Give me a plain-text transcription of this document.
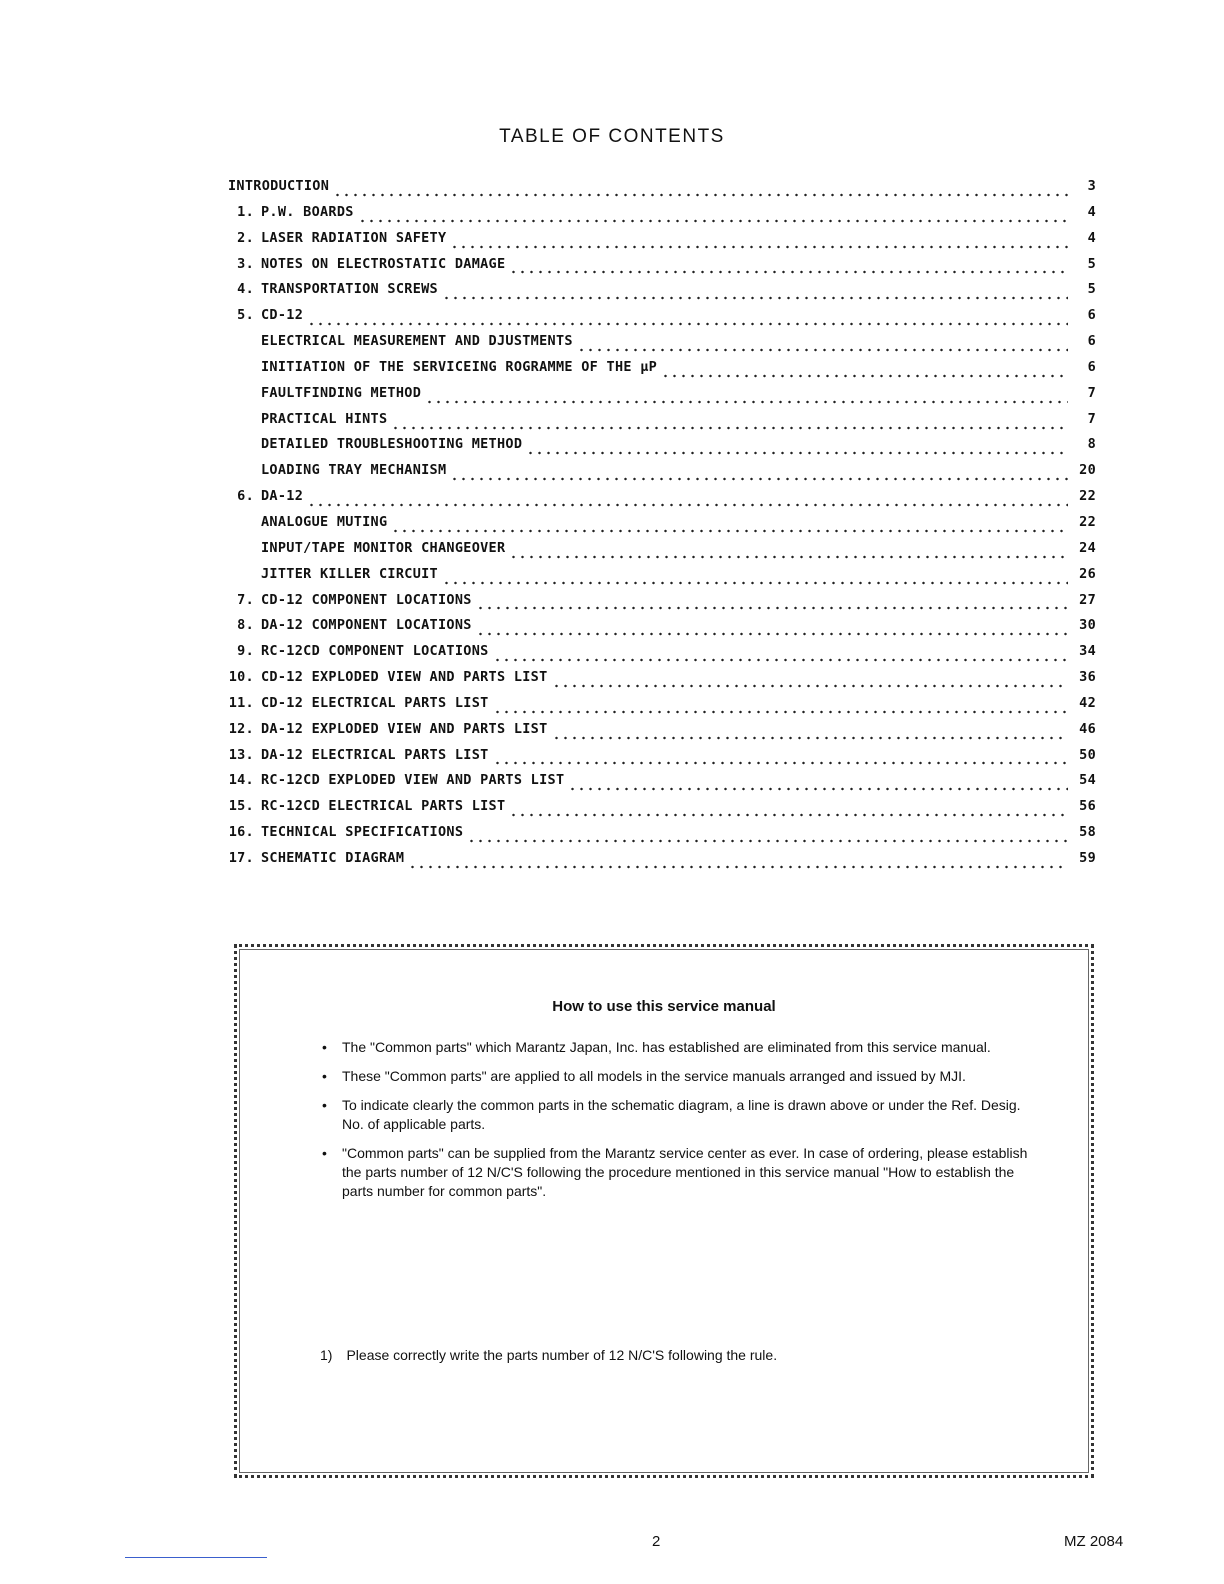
TABLE OF CONTENTS
INTRODUCTION	3
1. P.W. BOARDS	4
2. LASER RADIATION SAFETY	4
3. NOTES ON ELECTROSTATIC DAMAGE	5
4. TRANSPORTATION SCREWS	5
5. CD-12	6
ELECTRICAL MEASUREMENT AND DJUSTMENTS	6
INITIATION OF THE SERVICEING ROGRAMME OF THE μP	6
FAULTFINDING METHOD	7
PRACTICAL HINTS	7
DETAILED TROUBLESHOOTING METHOD	8
LOADING TRAY MECHANISM	20
6. DA-12	22
ANALOGUE MUTING	22
INPUT/TAPE MONITOR CHANGEOVER	24
JITTER KILLER CIRCUIT	26
7. CD-12 COMPONENT LOCATIONS	27
8. DA-12 COMPONENT LOCATIONS	30
9. RC-12CD COMPONENT LOCATIONS	34
10. CD-12 EXPLODED VIEW AND PARTS LIST	36
11. CD-12 ELECTRICAL PARTS LIST	42
12. DA-12 EXPLODED VIEW AND PARTS LIST	46
13. DA-12 ELECTRICAL PARTS LIST	50
14. RC-12CD EXPLODED VIEW AND PARTS LIST	54
15. RC-12CD ELECTRICAL PARTS LIST	56
16. TECHNICAL SPECIFICATIONS	58
17. SCHEMATIC DIAGRAM	59
How to use this service manual
• The "Common parts" which Marantz Japan, Inc. has established are eliminated from this service manual.
• These "Common parts" are applied to all models in the service manuals arranged and issued by MJI.
• To indicate clearly the common parts in the schematic diagram, a line is drawn above or under the Ref. Desig. No. of applicable parts.
• "Common parts" can be supplied from the Marantz service center as ever. In case of ordering, please establish the parts number of 12 N/C'S following the procedure mentioned in this service manual "How to establish the parts number for common parts".
1) Please correctly write the parts number of 12 N/C'S following the rule.
2	MZ 2084
